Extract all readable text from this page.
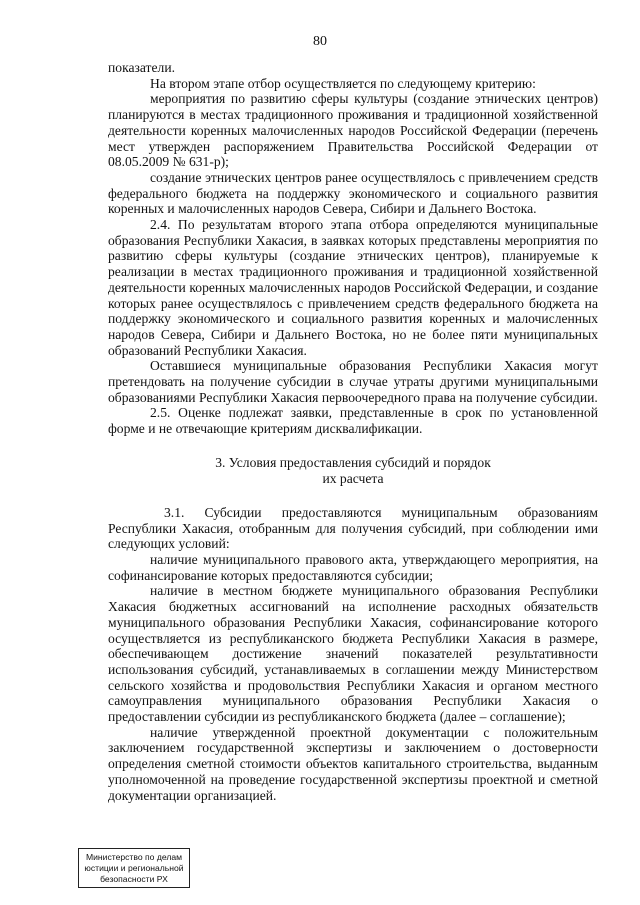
80

показатели.

На втором этапе отбор осуществляется по следующему критерию:

мероприятия по развитию сферы культуры (создание этнических центров) планируются в местах традиционного проживания и традиционной хозяйственной деятельности коренных малочисленных народов Российской Федерации (перечень мест утвержден распоряжением Правительства Российской Федерации от 08.05.2009 № 631-р);

создание этнических центров ранее осуществлялось с привлечением средств федерального бюджета на поддержку экономического и социального развития коренных и малочисленных народов Севера, Сибири и Дальнего Востока.

2.4. По результатам второго этапа отбора определяются муниципальные образования Республики Хакасия, в заявках которых представлены мероприятия по развитию сферы культуры (создание этнических центров), планируемые к реализации в местах традиционного проживания и традиционной хозяйственной деятельности коренных малочисленных народов Российской Федерации, и создание которых ранее осуществлялось с привлечением средств федерального бюджета на поддержку экономического и социального развития коренных и малочисленных народов Севера, Сибири и Дальнего Востока, но не более пяти муниципальных образований Республики Хакасия.

Оставшиеся муниципальные образования Республики Хакасия могут претендовать на получение субсидии в случае утраты другими муниципальными образованиями Республики Хакасия первоочередного права на получение субсидии.

2.5. Оценке подлежат заявки, представленные в срок по установленной форме и не отвечающие критериям дисквалификации.

3. Условия предоставления субсидий и порядок

их расчета

3.1. Субсидии предоставляются муниципальным образованиям Республики Хакасия, отобранным для получения субсидий, при соблюдении ими следующих условий:

наличие муниципального правового акта, утверждающего мероприятия, на софинансирование которых предоставляются субсидии;

наличие в местном бюджете муниципального образования Республики Хакасия бюджетных ассигнований на исполнение расходных обязательств муниципального образования Республики Хакасия, софинансирование которого осуществляется из республиканского бюджета Республики Хакасия в размере, обеспечивающем достижение значений показателей результативности использования субсидий, устанавливаемых в соглашении между Министерством сельского хозяйства и продовольствия Республики Хакасия и органом местного самоуправления муниципального образования Республики Хакасия о предоставлении субсидии из республиканского бюджета (далее – соглашение);

наличие утвержденной проектной документации с положительным заключением государственной экспертизы и заключением о достоверности определения сметной стоимости объектов капитального строительства, выданным уполномоченной на проведение государственной экспертизы проектной и сметной документации организацией.

Министерство по делам
юстиции и региональной
безопасности РХ
